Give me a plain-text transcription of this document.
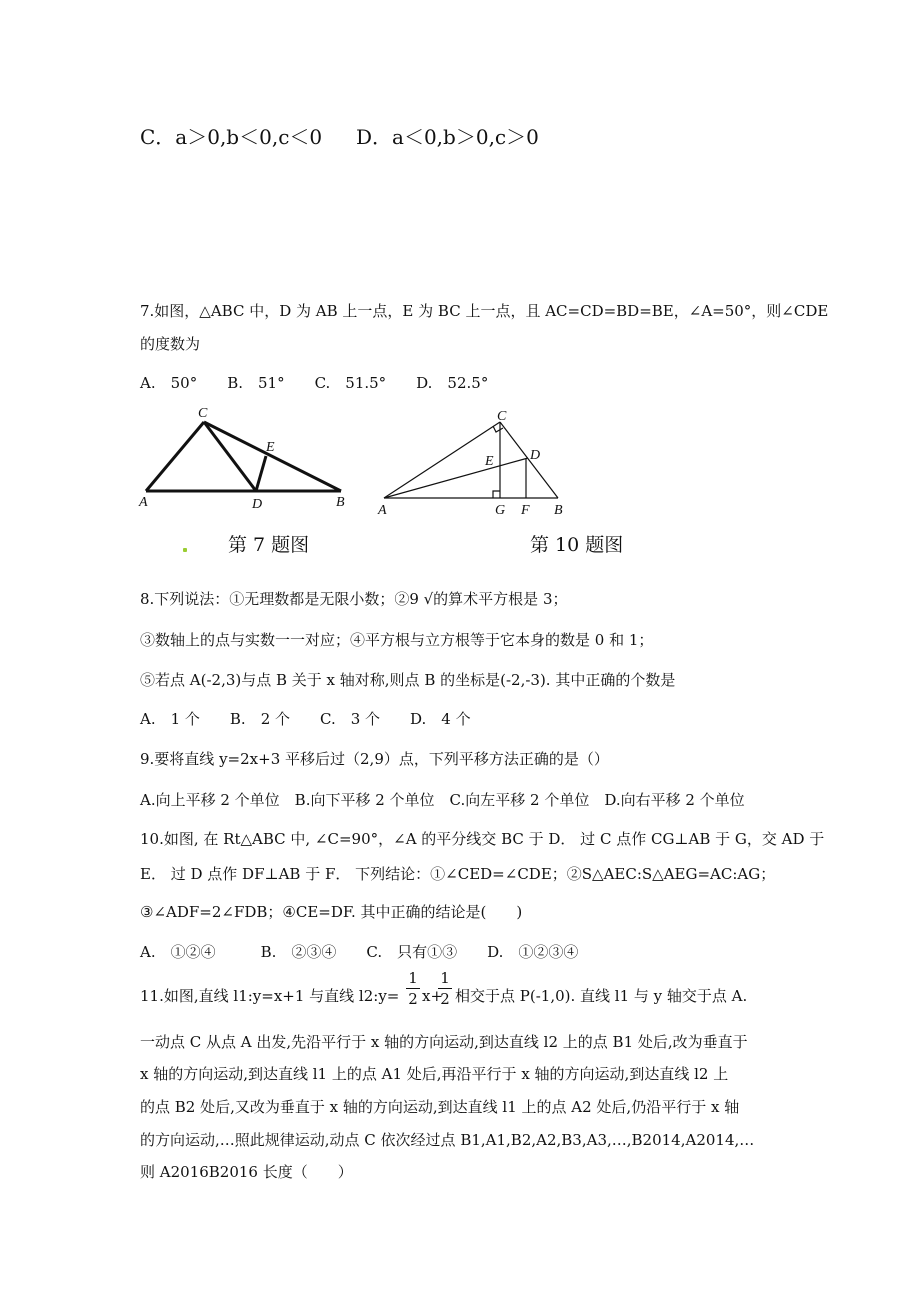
C．a＞0,b＜0,c＜0 D．a＜0,b＞0,c＞0
7.如图，△ABC 中，D 为 AB 上一点，E 为 BC 上一点，且 AC=CD=BD=BE，∠A=50°，则∠CDE
的度数为
A.　50°　　B.　51°　　C.　51.5°　　D.　52.5°
C
E
A	D	B
C
D
E
A	G F B
第 7 题图	第 10 题图
8.下列说法：①无理数都是无限小数；②9 √的算术平方根是 3；
③数轴上的点与实数一一对应；④平方根与立方根等于它本身的数是 0 和 1；
⑤若点 A(-2,3)与点 B 关于 x 轴对称,则点 B 的坐标是(-2,-3). 其中正确的个数是
A.　1 个　　B.　2 个　　C.　3 个　　D.　4 个
9.要将直线 y=2x+3 平移后过（2,9）点，下列平移方法正确的是（）
A.向上平移 2 个单位　B.向下平移 2 个单位　C.向左平移 2 个单位　D.向右平移 2 个单位
10.如图, 在 Rt△ABC 中, ∠C=90°，∠A 的平分线交 BC 于 D． 过 C 点作 CG⊥AB 于 G，交 AD 于
E． 过 D 点作 DF⊥AB 于 F． 下列结论：①∠CED=∠CDE；②S△AEC:S△AEG=AC:AG；
③∠ADF=2∠FDB；④CE=DF. 其中正确的结论是(　　)
A.　①②④　　　B.　②③④　　C.　只有①③　　D.　①②③④
11.如图,直线 l1:y=x+1 与直线 l2:y=
1
2 x+
1
2 相交于点 P(-1,0). 直线 l1 与 y 轴交于点 A.
一动点 C 从点 A 出发,先沿平行于 x 轴的方向运动,到达直线 l2 上的点 B1 处后,改为垂直于
x 轴的方向运动,到达直线 l1 上的点 A1 处后,再沿平行于 x 轴的方向运动,到达直线 l2 上
的点 B2 处后,又改为垂直于 x 轴的方向运动,到达直线 l1 上的点 A2 处后,仍沿平行于 x 轴
的方向运动,…照此规律运动,动点 C 依次经过点 B1,A1,B2,A2,B3,A3,…,B2014,A2014,…
则 A2016B2016 长度（　　）
